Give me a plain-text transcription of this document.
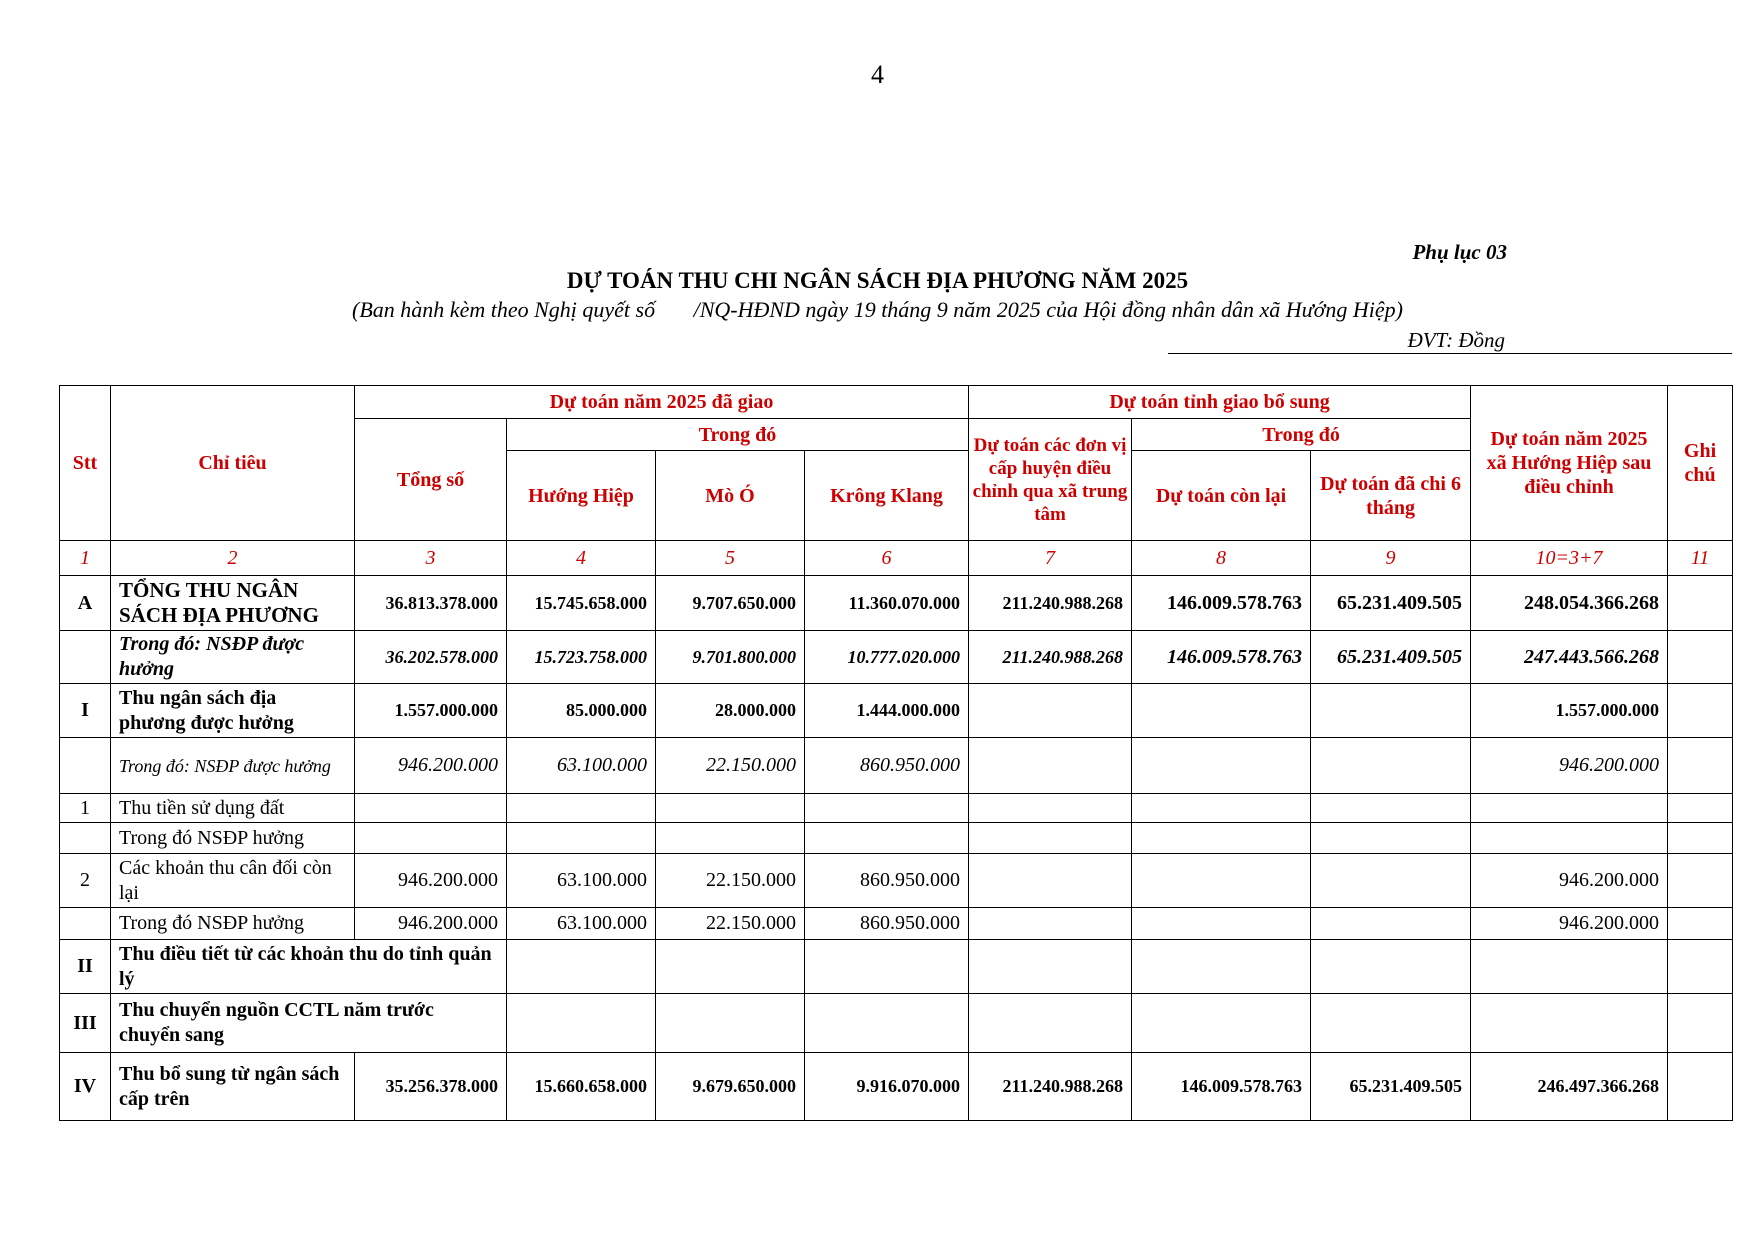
4
Phụ lục 03
DỰ TOÁN THU CHI NGÂN SÁCH ĐỊA PHƯƠNG NĂM 2025
(Ban hành kèm theo Nghị quyết số       /NQ-HĐND ngày 19 tháng 9 năm 2025 của Hội đồng nhân dân xã Hướng Hiệp)
ĐVT: Đồng
Stt	Chỉ tiêu	Dự toán năm 2025 đã giao				Dự toán tỉnh giao bổ sung			Dự toán năm 2025 xã Hướng Hiệp sau điều chỉnh	Ghi chú
		Tổng số	Trong đó			Dự toán các đơn vị cấp huyện điều chỉnh qua xã trung tâm	Trong đó			
			Hướng Hiệp	Mò Ó	Krông Klang		Dự toán còn lại	Dự toán đã chi 6 tháng		
1	2	3	4	5	6	7	8	9	10=3+7	11
A	TỔNG THU NGÂN SÁCH ĐỊA PHƯƠNG	36.813.378.000	15.745.658.000	9.707.650.000	11.360.070.000	211.240.988.268	146.009.578.763	65.231.409.505	248.054.366.268	
	Trong đó: NSĐP được hưởng	36.202.578.000	15.723.758.000	9.701.800.000	10.777.020.000	211.240.988.268	146.009.578.763	65.231.409.505	247.443.566.268	
I	Thu ngân sách địa phương được hưởng	1.557.000.000	85.000.000	28.000.000	1.444.000.000				1.557.000.000	
	Trong đó: NSĐP được hưởng	946.200.000	63.100.000	22.150.000	860.950.000				946.200.000	
1	Thu tiền sử dụng đất									
	Trong đó NSĐP hưởng									
2	Các khoản thu cân đối còn lại	946.200.000	63.100.000	22.150.000	860.950.000				946.200.000	
	Trong đó NSĐP hưởng	946.200.000	63.100.000	22.150.000	860.950.000				946.200.000	
II	Thu điều tiết từ các khoản thu do tỉnh quản lý									
III	Thu chuyển nguồn CCTL năm trước chuyển sang									
IV	Thu bổ sung từ ngân sách cấp trên	35.256.378.000	15.660.658.000	9.679.650.000	9.916.070.000	211.240.988.268	146.009.578.763	65.231.409.505	246.497.366.268	
